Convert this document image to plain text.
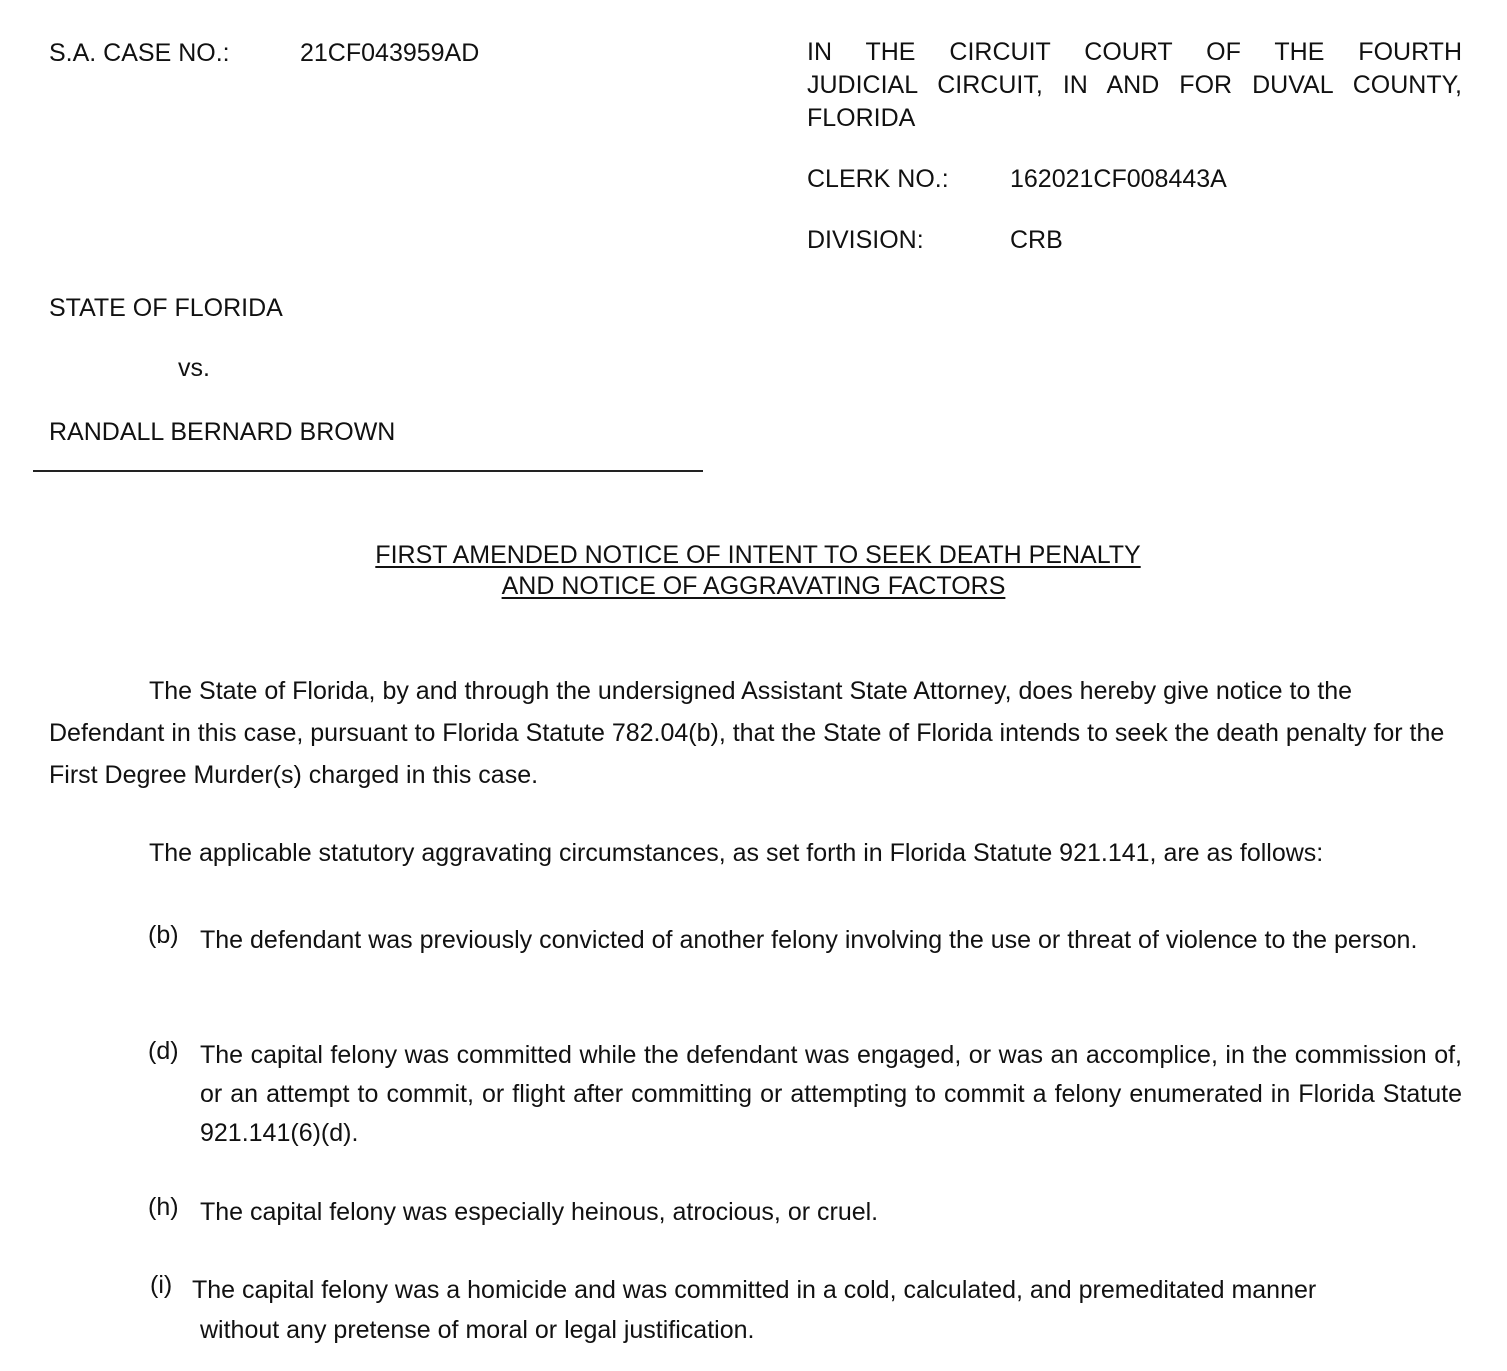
S.A. CASE NO.:	21CF043959AD	IN THE CIRCUIT COURT OF THE FOURTH
JUDICIAL CIRCUIT, IN AND FOR DUVAL COUNTY,
FLORIDA
CLERK NO.: 162021CF008443A
DIVISION:	CRB
STATE OF FLORIDA
vs.
RANDALL BERNARD BROWN
FIRST AMENDED NOTICE OF INTENT TO SEEK DEATH PENALTY
AND NOTICE OF AGGRAVATING FACTORS
The State of Florida, by and through the undersigned Assistant State Attorney, does hereby give notice to the Defendant in this case, pursuant to Florida Statute 782.04(b), that the State of Florida intends to seek the death penalty for the First Degree Murder(s) charged in this case.
The applicable statutory aggravating circumstances, as set forth in Florida Statute 921.141, are as follows:
(b) The defendant was previously convicted of another felony involving the use or threat of violence to the person.
(d) The capital felony was committed while the defendant was engaged, or was an accomplice, in the commission of, or an attempt to commit, or flight after committing or attempting to commit a felony enumerated in Florida Statute 921.141(6)(d).
(h) The capital felony was especially heinous, atrocious, or cruel.
(i) The capital felony was a homicide and was committed in a cold, calculated, and premeditated manner
without any pretense of moral or legal justification.
